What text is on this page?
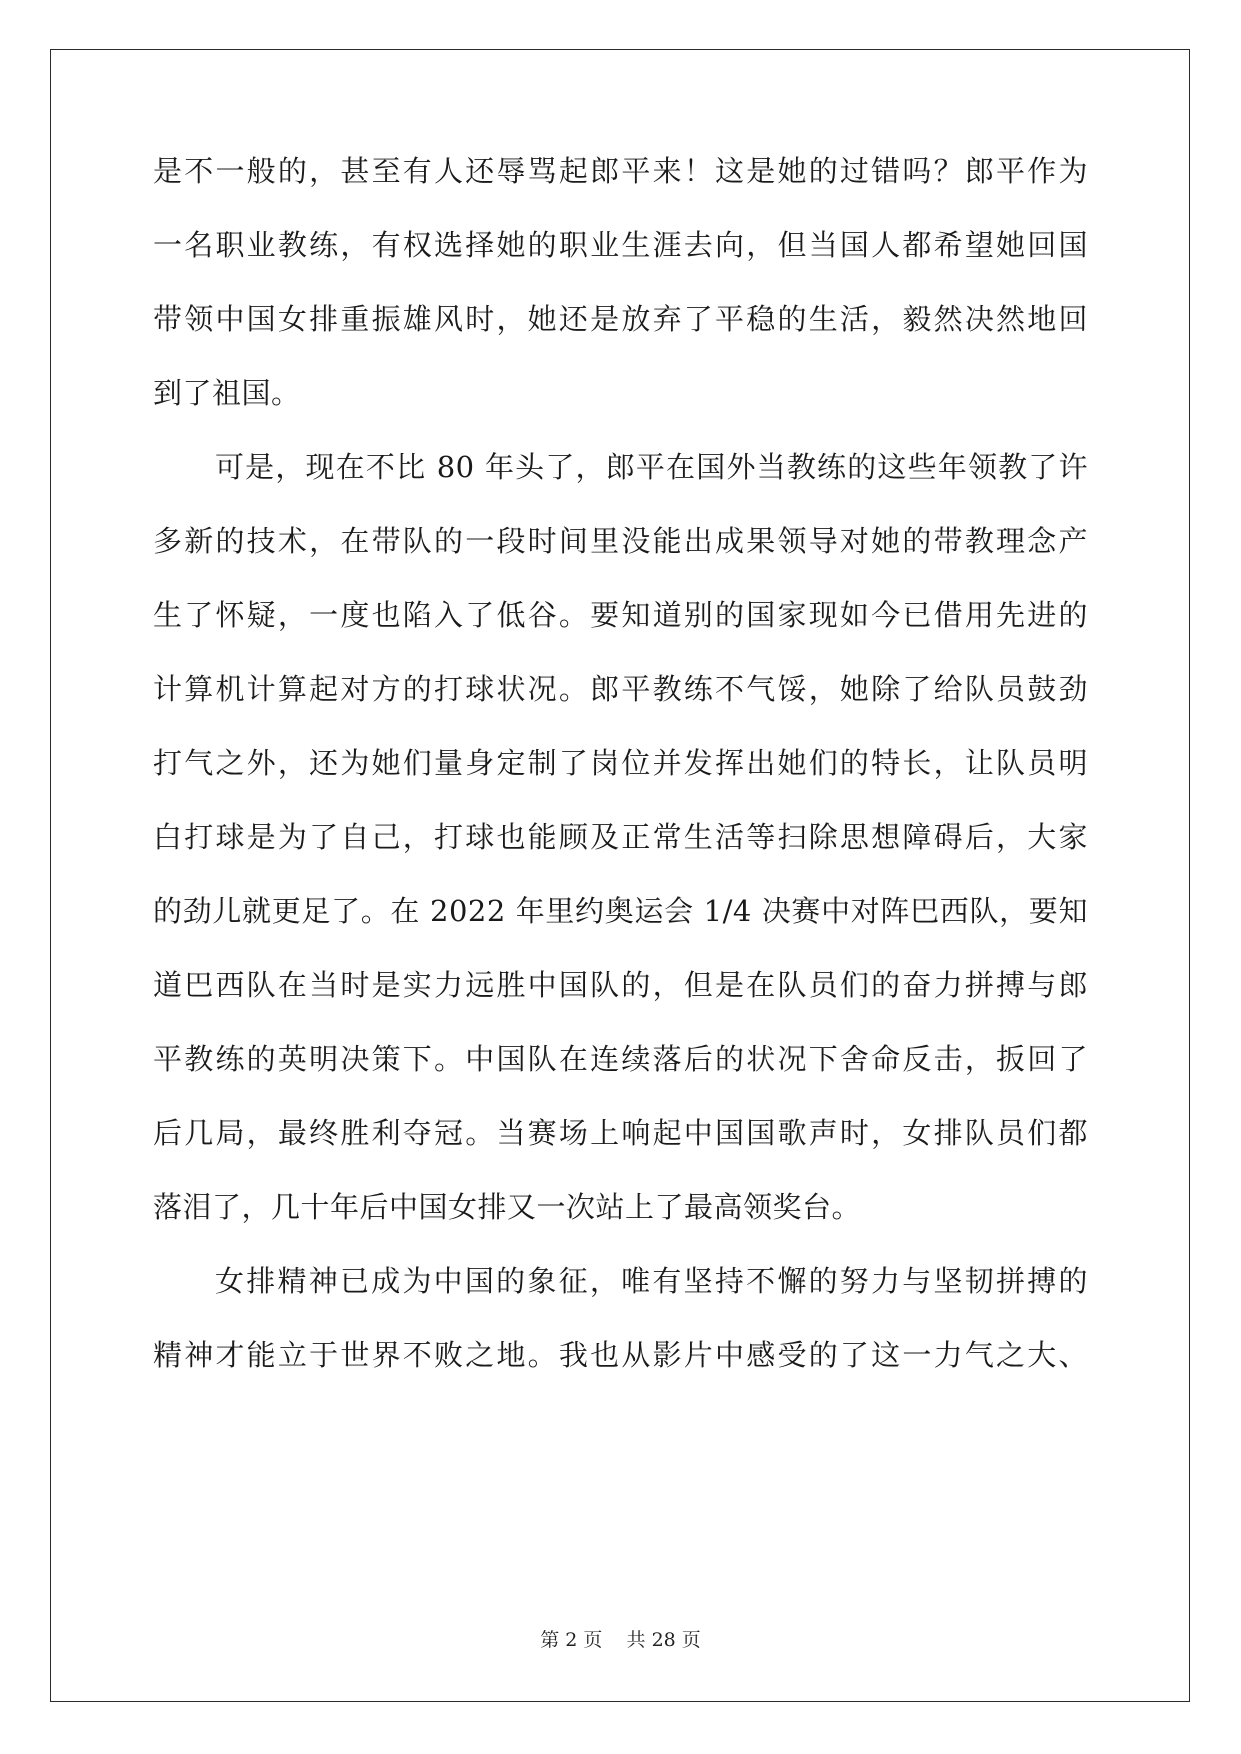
是不一般的，甚至有人还辱骂起郎平来！这是她的过错吗？郎平作为
一名职业教练，有权选择她的职业生涯去向，但当国人都希望她回国
带领中国女排重振雄风时，她还是放弃了平稳的生活，毅然决然地回
到了祖国。
可是，现在不比 80 年头了，郎平在国外当教练的这些年领教了许
多新的技术，在带队的一段时间里没能出成果领导对她的带教理念产
生了怀疑，一度也陷入了低谷。要知道别的国家现如今已借用先进的
计算机计算起对方的打球状况。郎平教练不气馁，她除了给队员鼓劲
打气之外，还为她们量身定制了岗位并发挥出她们的特长，让队员明
白打球是为了自己，打球也能顾及正常生活等扫除思想障碍后，大家
的劲儿就更足了。在 2022 年里约奥运会 1/4 决赛中对阵巴西队，要知
道巴西队在当时是实力远胜中国队的，但是在队员们的奋力拼搏与郎
平教练的英明决策下。中国队在连续落后的状况下舍命反击，扳回了
后几局，最终胜利夺冠。当赛场上响起中国国歌声时，女排队员们都
落泪了，几十年后中国女排又一次站上了最高领奖台。
女排精神已成为中国的象征，唯有坚持不懈的努力与坚韧拼搏的
精神才能立于世界不败之地。我也从影片中感受的了这一力气之大、
第 2 页 共 28 页
